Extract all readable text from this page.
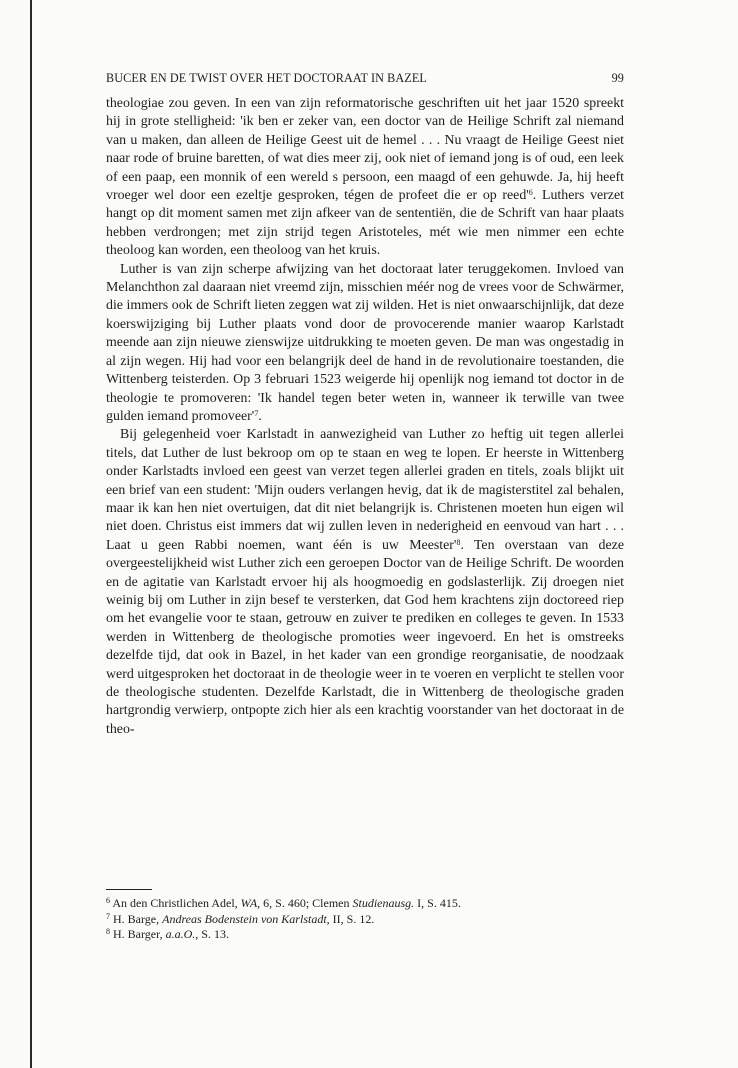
BUCER EN DE TWIST OVER HET DOCTORAAT IN BAZEL	99

theologiae zou geven. In een van zijn reformatorische geschriften uit het jaar 1520 spreekt hij in grote stelligheid: 'ik ben er zeker van, een doctor van de Heilige Schrift zal niemand van u maken, dan alleen de Heilige Geest uit de hemel . . . Nu vraagt de Heilige Geest niet naar rode of bruine baretten, of wat dies meer zij, ook niet of iemand jong is of oud, een leek of een paap, een monnik of een wereld s persoon, een maagd of een gehuwde. Ja, hij heeft vroeger wel door een ezeltje gesproken, tégen de profeet die er op $reed'^6$. Luthers verzet hangt op dit moment samen met zijn afkeer van de sententiën, die de Schrift van haar plaats hebben verdrongen; met zijn strijd tegen Aristoteles, mét wie men nimmer een echte theoloog kan worden, een theoloog van het kruis.

Luther is van zijn scherpe afwijzing van het doctoraat later teruggekomen. Invloed van Melanchthon zal daaraan niet vreemd zijn, misschien méér nog de vrees voor de Schwärmer, die immers ook de Schrift lieten zeggen wat zij wilden. Het is niet onwaarschijnlijk, dat deze koerswijziging bij Luther plaats vond door de provocerende manier waarop Karlstadt meende aan zijn nieuwe zienswijze uitdrukking te moeten geven. De man was ongestadig in al zijn wegen. Hij had voor een belangrijk deel de hand in de revolutionaire toestanden, die Wittenberg teisterden. Op 3 februari 1523 weigerde hij openlijk nog iemand tot doctor in de theologie te promoveren: 'Ik handel tegen beter weten in, wanneer ik terwille van twee gulden iemand $promoveer'^7$.

Bij gelegenheid voer Karlstadt in aanwezigheid van Luther zo heftig uit tegen allerlei titels, dat Luther de lust bekroop om op te staan en weg te lopen. Er heerste in Wittenberg onder Karlstadts invloed een geest van verzet tegen allerlei graden en titels, zoals blijkt uit een brief van een student: 'Mijn ouders verlangen hevig, dat ik de magisterstitel zal behalen, maar ik kan hen niet overtuigen, dat dit niet belangrijk is. Christenen moeten hun eigen wil niet doen. Christus eist immers dat wij zullen leven in nederigheid en eenvoud van hart . . . Laat u geen Rabbi noemen, want één is uw $Meester'^8$. Ten overstaan van deze overgeestelijkheid wist Luther zich een geroepen Doctor van de Heilige Schrift. De woorden en de agitatie van Karlstadt ervoer hij als hoogmoedig en godslasterlijk. Zij droegen niet weinig bij om Luther in zijn besef te versterken, dat God hem krachtens zijn doctoreed riep om het evangelie voor te staan, getrouw en zuiver te prediken en colleges te geven. In 1533 werden in Wittenberg de theologische promoties weer ingevoerd. En het is omstreeks dezelfde tijd, dat ook in Bazel, in het kader van een grondige reorganisatie, de noodzaak werd uitgesproken het doctoraat in de theologie weer in te voeren en verplicht te stellen voor de theologische studenten. Dezelfde Karlstadt, die in Wittenberg de theologische graden hartgrondig verwierp, ontpopte zich hier als een krachtig voorstander van het doctoraat in de theo-

$^6$ An den Christlichen Adel, WA, 6, S. 460; Clemen Studienausg. I, S. 415.
$^7$ H. Barge, Andreas Bodenstein von Karlstadt, II, S. 12.
$^8$ H. Barger, a.a.O., S. 13.
